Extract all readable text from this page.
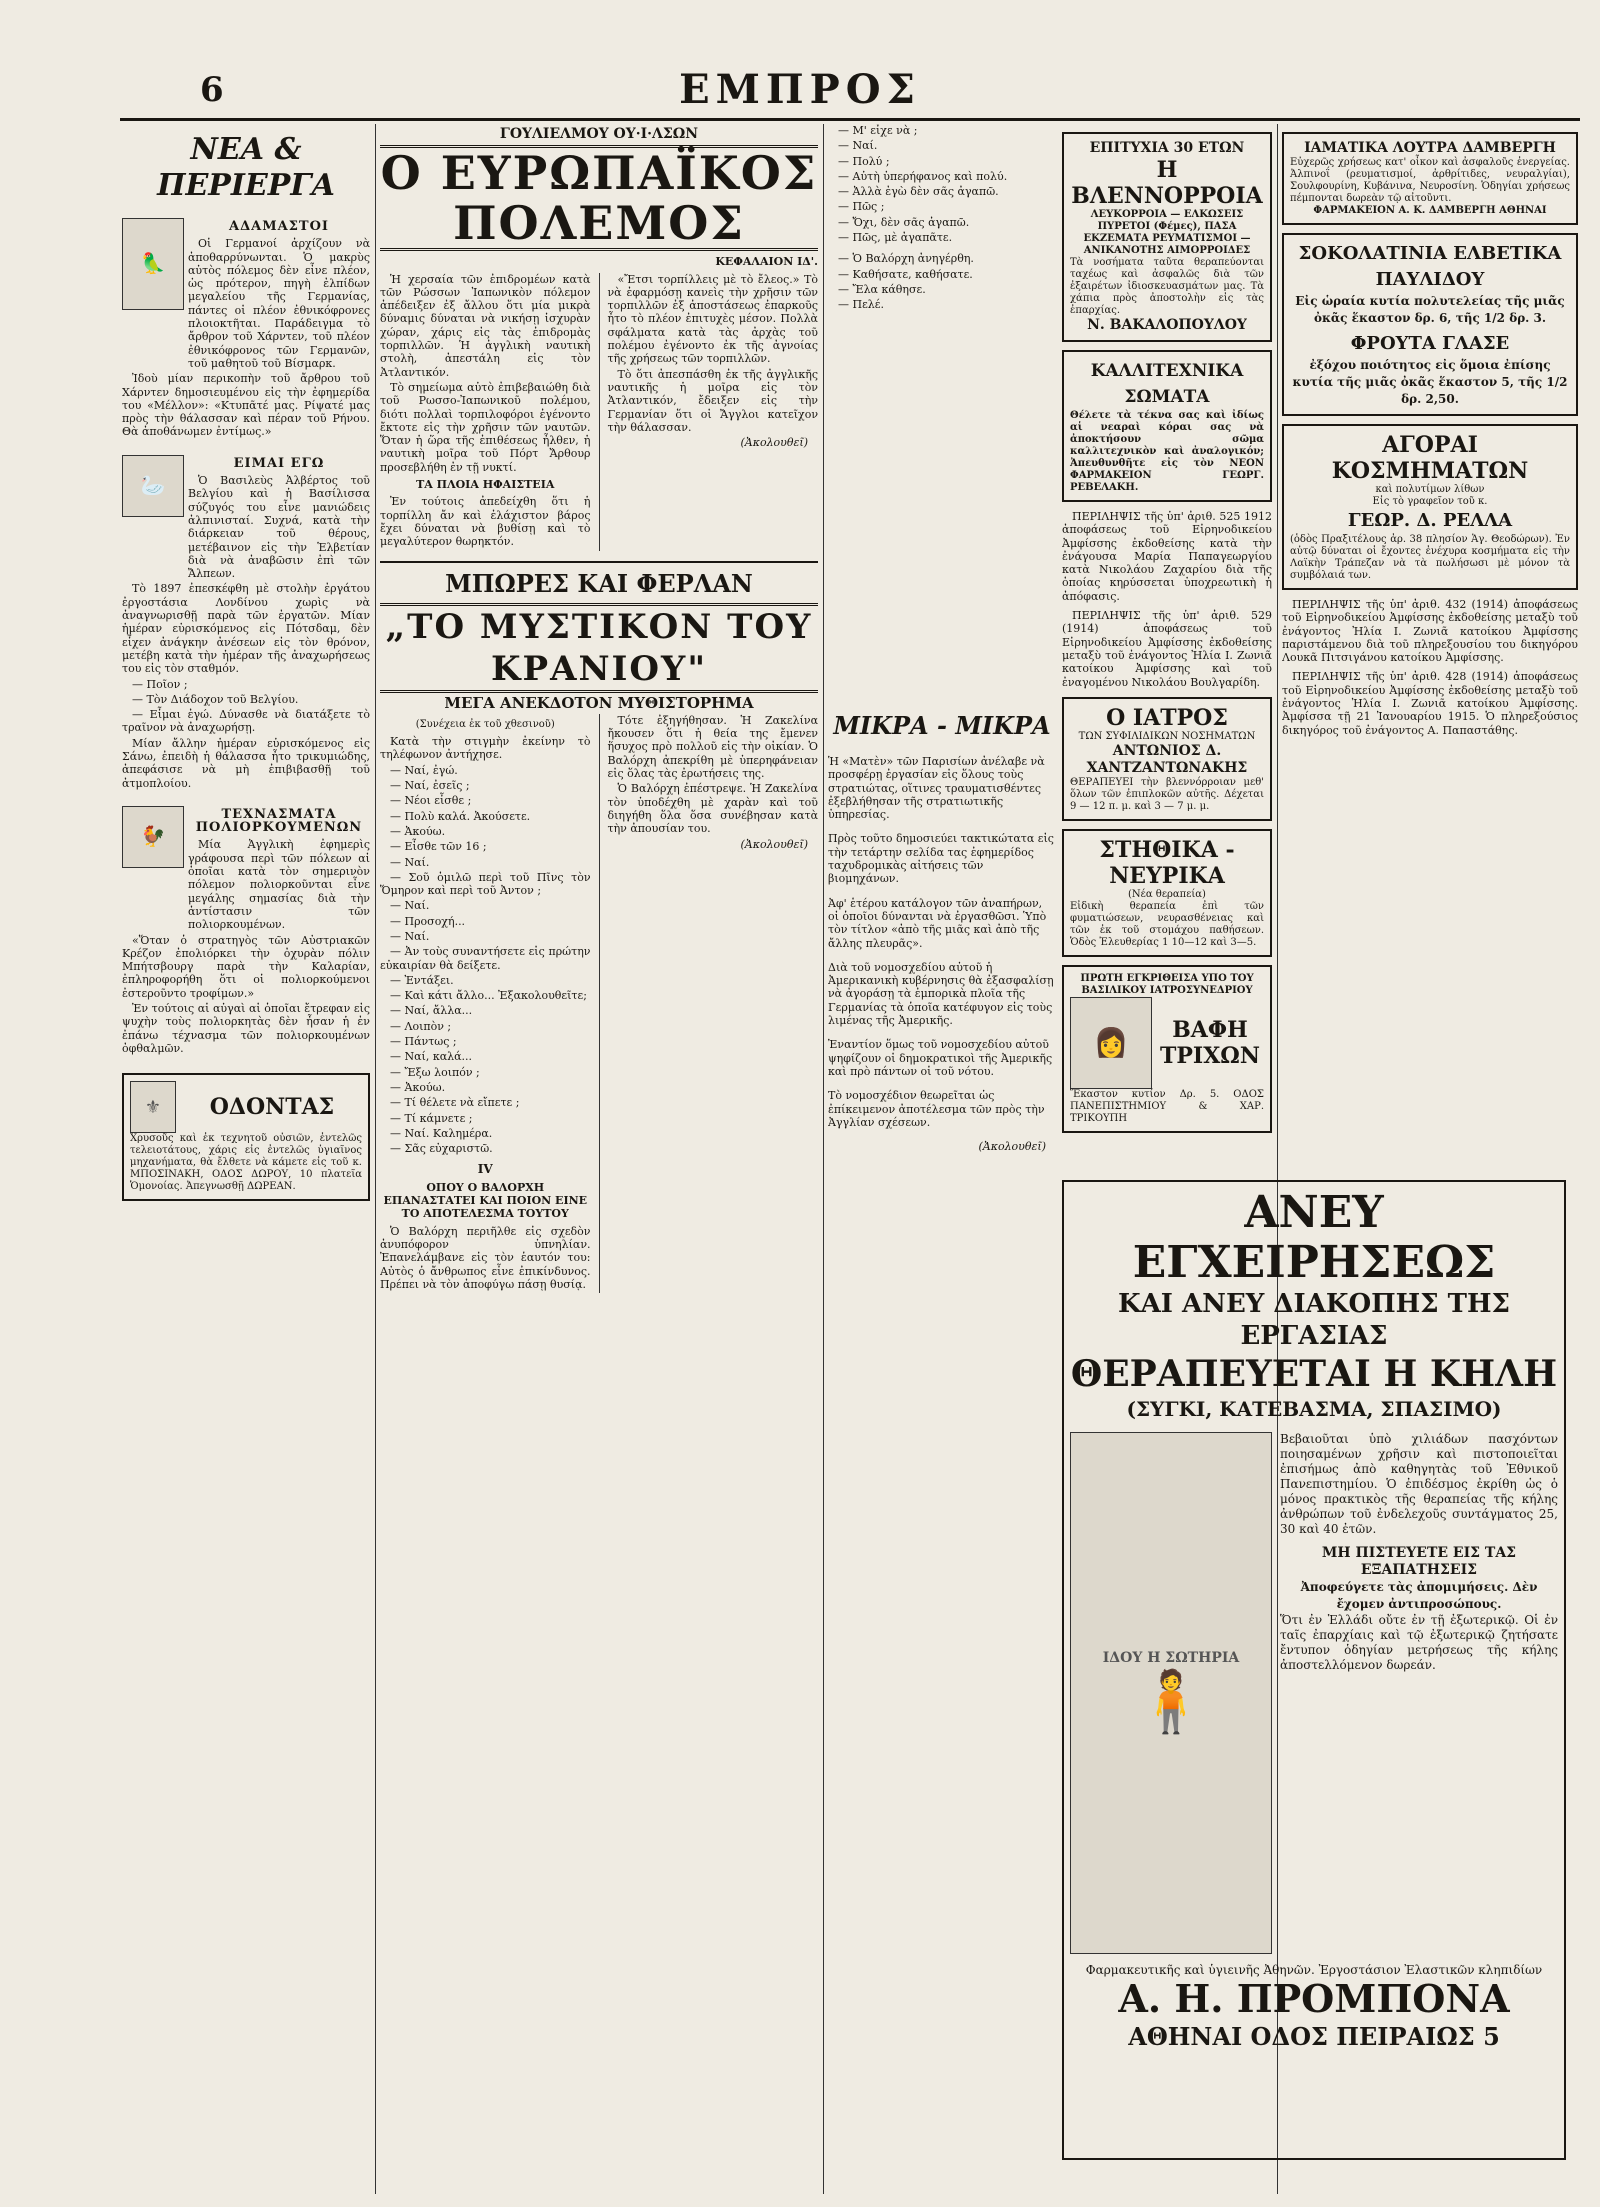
6	ΕΜΠΡΟΣ
ΝΕΑ & ΠΕΡΙΕΡΓΑ
🦜
ΑΔΑΜΑΣΤΟΙ

Οἱ Γερμανοί ἀρχίζουν νὰ ἀποθαρρύνωνται. Ὁ μακρὺς αὐτὸς πόλεμος δὲν εἶνε πλέον, ὡς πρότερον, πηγὴ ἐλπίδων μεγαλείου τῆς Γερμανίας, πάντες οἱ πλέον ἐθνικόφρονες πλοιοκτῆται. Παράδειγμα τὸ ἄρθρον τοῦ Χάρντεν, τοῦ πλέον ἐθνικόφρονος τῶν Γερμανῶν, τοῦ μαθητοῦ τοῦ Βίσμαρκ.

Ἰδοὺ μίαν περικοπὴν τοῦ ἄρθρου τοῦ Χάρντεν δημοσιευμένου εἰς τὴν ἐφημερίδα του «Μέλλον»: «Κτυπᾶτέ μας. Ρίψατέ μας πρὸς τὴν θάλασσαν καὶ πέραν τοῦ Ρήνου. Θὰ ἀποθάνωμεν ἐντίμως.»

🦢
ΕΙΜΑΙ ΕΓΩ

Ὁ Βασιλεὺς Ἀλβέρτος τοῦ Βελγίου καὶ ἡ Βασίλισσα σύζυγός του εἶνε μανιώδεις ἀλπινισταί. Συχνά, κατὰ τὴν διάρκειαν τοῦ θέρους, μετέβαινον εἰς τὴν Ἑλβετίαν διὰ νὰ ἀναβῶσιν ἐπὶ τῶν Ἄλπεων.

Τὸ 1897 ἐπεσκέφθη μὲ στολὴν ἐργάτου ἐργοστάσια Λονδίνου χωρὶς νὰ ἀναγνωρισθῇ παρὰ τῶν ἐργατῶν. Μίαν ἡμέραν εὑρισκόμενος εἰς Πότσδαμ, δὲν εἶχεν ἀνάγκην ἀνέσεων εἰς τὸν θρόνον, μετέβη κατὰ τὴν ἡμέραν τῆς ἀναχωρήσεως του εἰς τὸν σταθμόν.

— Ποῖον ;

— Τὸν Διάδοχον τοῦ Βελγίου.

— Εἶμαι ἐγώ. Δύνασθε νὰ διατάξετε τὸ τραῖνον νὰ ἀναχωρήσῃ.

Μίαν ἄλλην ἡμέραν εὑρισκόμενος εἰς Σάνω, ἐπειδὴ ἡ θάλασσα ἦτο τρικυμιώδης, ἀπεφάσισε νὰ μὴ ἐπιβιβασθῇ τοῦ ἀτμοπλοίου.

🐓
ΤΕΧΝΑΣΜΑΤΑ ΠΟΛΙΟΡΚΟΥΜΕΝΩΝ

Μία Ἀγγλικὴ ἐφημερὶς γράφουσα περὶ τῶν πόλεων αἱ ὁποῖαι κατὰ τὸν σημερινὸν πόλεμον πολιορκοῦνται εἶνε μεγάλης σημασίας διὰ τὴν ἀντίστασιν τῶν πολιορκουμένων.

«Ὅταν ὁ στρατηγὸς τῶν Αὐστριακῶν Κρέζον ἐπολιόρκει τὴν ὀχυρὰν πόλιν Μπήτσβουργ παρὰ τὴν Καλαρίαν, ἐπληροφορήθη ὅτι οἱ πολιορκούμενοι ἐστεροῦντο τροφίμων.»

Ἐν τούτοις αἱ αὐγαὶ αἱ ὁποῖαι ἔτρεφαν εἰς ψυχὴν τοὺς πολιορκητὰς δὲν ἦσαν ἡ ἐν ἐπάνω τέχνασμα τῶν πολιορκουμένων ὀφθαλμῶν.

⚜	ΟΔΟΝΤΑΣ
Χρυσοῦς καὶ ἐκ τεχνητοῦ οὐσιῶν, ἐντελῶς τελειοτάτους, χάρις εἰς ἐντελῶς ὑγιαῖνος μηχανήματα, θὰ ἔλθετε νὰ κάμετε εἰς τοῦ κ. ΜΠΟΣΙΝΑΚΗ, ΟΔΟΣ ΔΩΡΟΥ, 10 πλατεῖα Ὁμονοίας. Ἀπεγνωσθῇ ΔΩΡΕΑΝ.
ΓΟΥΛΙΕΛΜΟΥ ΟΥ·Ι·ΛΣΩΝ
Ο ΕΥΡΩΠΑΪΚΟΣ ΠΟΛΕΜΟΣ
ΚΕΦΑΛΑΙΟΝ ΙΔ'.

Ἡ χερσαία τῶν ἐπιδρομέων κατὰ τῶν Ρώσσων Ἰαπωνικὸν πόλεμον ἀπέδειξεν ἐξ ἄλλου ὅτι μία μικρὰ δύναμις δύναται νὰ νικήσῃ ἰσχυρὰν χώραν, χάρις εἰς τὰς ἐπιδρομὰς τορπιλλῶν. Ἡ ἀγγλικὴ ναυτικὴ στολὴ, ἀπεστάλη εἰς τὸν Ἀτλαντικόν.

Τὸ σημείωμα αὐτὸ ἐπιβεβαιώθη διὰ τοῦ Ρωσσο-Ἰαπωνικοῦ πολέμου, διότι πολλαὶ τορπιλοφόροι ἐγένοντο ἔκτοτε εἰς τὴν χρῆσιν τῶν ναυτῶν. Ὅταν ἡ ὥρα τῆς ἐπιθέσεως ἦλθεν, ἡ ναυτικὴ μοῖρα τοῦ Πόρτ Ἄρθουρ προσεβλήθη ἐν τῇ νυκτί.

ΤΑ ΠΛΟΙΑ ΗΦΑΙΣΤΕΙΑ

Ἐν τούτοις ἀπεδείχθη ὅτι ἡ τορπίλλη ἄν καὶ ἐλάχιστον βάρος ἔχει δύναται νὰ βυθίσῃ καὶ τὸ μεγαλύτερον θωρηκτόν.

«Ἔτσι τορπίλλεις μὲ τὸ ἔλεος.» Τὸ νὰ ἐφαρμόσῃ κανεὶς τὴν χρῆσιν τῶν τορπιλλῶν ἐξ ἀποστάσεως ἐπαρκοῦς ἦτο τὸ πλέον ἐπιτυχὲς μέσον. Πολλὰ σφάλματα κατὰ τὰς ἀρχὰς τοῦ πολέμου ἐγένοντο ἐκ τῆς ἀγνοίας τῆς χρήσεως τῶν τορπιλλῶν.

Τὸ ὅτι ἀπεσπάσθη ἐκ τῆς ἀγγλικῆς ναυτικῆς ἡ μοῖρα εἰς τὸν Ἀτλαντικόν, ἔδειξεν εἰς τὴν Γερμανίαν ὅτι οἱ Ἄγγλοι κατεῖχον τὴν θάλασσαν.

(Ἀκολουθεῖ)
ΜΠΩΡΕΣ ΚΑΙ ΦΕΡΛΑΝ
„ΤΟ ΜΥΣΤΙΚΟΝ ΤΟΥ ΚΡΑΝΙΟΥ"
ΜΕΓΑ ΑΝΕΚΔΟΤΟΝ ΜΥΘΙΣΤΟΡΗΜΑ
(Συνέχεια ἐκ τοῦ χθεσινοῦ)

Κατὰ τὴν στιγμὴν ἐκείνην τὸ τηλέφωνον ἀντήχησε.

— Ναί, ἐγώ.

— Ναί, ἐσεῖς ;

— Νέοι εἶσθε ;

— Πολὺ καλά. Ἀκούσετε.

— Ἀκούω.

— Εἶσθε τῶν 16 ;

— Ναί.

— Σοῦ ὁμιλῶ περὶ τοῦ Πῖνς τὸν Ὅμηρον καὶ περὶ τοῦ Ἀντον ;

— Ναί.

— Προσοχή...

— Ναί.

— Ἀν τοὺς συναντήσετε εἰς πρώτην εὐκαιρίαν θὰ δείξετε.

— Ἐντάξει.

— Καὶ κάτι ἄλλο... Ἐξακολουθεῖτε;

— Ναί, ἄλλα...

— Λοιπὸν ;

— Πάντως ;

— Ναί, καλά...

— Ἔξω λοιπόν ;

— Ἀκούω.

— Τί θέλετε νὰ εἴπετε ;

— Τί κάμνετε ;

— Ναί. Καλημέρα.

— Σᾶς εὐχαριστῶ.

IV
ΟΠΟΥ Ο ΒΑΛΟΡΧΗ ΕΠΑΝΑΣΤΑΤΕΙ ΚΑΙ ΠΟΙΟΝ ΕΙΝΕ ΤΟ ΑΠΟΤΕΛΕΣΜΑ ΤΟΥΤΟΥ

Ὁ Βαλόρχη περιῆλθε εἰς σχεδὸν ἀνυπόφορον ὑπνηλίαν. Ἐπανελάμβανε εἰς τὸν ἑαυτόν του: Αὐτὸς ὁ ἄνθρωπος εἶνε ἐπικίνδυνος. Πρέπει νὰ τὸν ἀποφύγω πάσῃ θυσίᾳ.

Τότε ἐξηγήθησαν. Ἡ Ζακελίνα ἤκουσεν ὅτι ἡ θεία της ἔμενεν ἥσυχος πρὸ πολλοῦ εἰς τὴν οἰκίαν. Ὁ Βαλόρχη ἀπεκρίθη μὲ ὑπερηφάνειαν εἰς ὅλας τὰς ἐρωτήσεις της.

Ὁ Βαλόρχη ἐπέστρεψε. Ἡ Ζακελίνα τὸν ὑποδέχθη μὲ χαρὰν καὶ τοῦ διηγήθη ὅλα ὅσα συνέβησαν κατὰ τὴν ἀπουσίαν του.

(Ἀκολουθεῖ)

— Μ' εἶχε νὰ ;

— Ναί.

— Πολύ ;

— Αὐτὴ ὑπερήφανος καὶ πολύ.

— Ἀλλὰ ἐγὼ δὲν σᾶς ἀγαπῶ.

— Πῶς ;

— Ὄχι, δὲν σᾶς ἀγαπῶ.

— Πῶς, μὲ ἀγαπᾶτε.

— Ὁ Βαλόρχη ἀνηγέρθη.

— Καθήσατε, καθήσατε.

— Ἔλα κάθησε.

— Πελέ.

ΕΠΙΤΥΧΙΑ 30 ΕΤΩΝ
Η ΒΛΕΝΝΟΡΡΟΙΑ
ΛΕΥΚΟΡΡΟΙΑ — ΕΛΚΩΣΕΙΣ ΠΥΡΕΤΟΙ (Φέμες), ΠΑΣΑ ΕΚΖΕΜΑΤΑ ΡΕΥΜΑΤΙΣΜΟΙ — ΑΝΙΚΑΝΟΤΗΣ ΑΙΜΟΡΡΟΙΔΕΣ
Τὰ νοσήματα ταῦτα θεραπεύονται ταχέως καὶ ἀσφαλῶς διὰ τῶν ἐξαιρέτων ἰδιοσκευασμάτων μας. Τὰ χάπια πρὸς ἀποστολὴν εἰς τὰς ἐπαρχίας.
Ν. ΒΑΚΑΛΟΠΟΥΛΟΥ
ΚΑΛΛΙΤΕΧΝΙΚΑ ΣΩΜΑΤΑ
Θέλετε τὰ τέκνα σας καὶ ἰδίως αἱ νεαραὶ κόραι σας νὰ ἀποκτήσουν σῶμα καλλιτεχνικὸν καὶ ἀναλογικόν; Ἀπευθυνθῆτε εἰς τὸν ΝΕΟΝ ΦΑΡΜΑΚΕΙΟΝ ΓΕΩΡΓ. ΡΕΒΕΛΑΚΗ.

ΠΕΡΙΛΗΨΙΣ τῆς ὑπ' ἀριθ. 525 1912 ἀποφάσεως τοῦ Εἰρηνοδικείου Ἀμφίσσης ἐκδοθείσης κατὰ τὴν ἐνάγουσα Μαρία Παπαγεωργίου κατὰ Νικολάου Ζαχαρίου διὰ τῆς ὁποίας κηρύσσεται ὑποχρεωτικὴ ἡ ἀπόφασις.

ΠΕΡΙΛΗΨΙΣ τῆς ὑπ' ἀριθ. 529 (1914) ἀποφάσεως τοῦ Εἰρηνοδικείου Ἀμφίσσης ἐκδοθείσης μεταξὺ τοῦ ἐνάγοντος Ἠλία Ι. Ζωνιᾶ κατοίκου Ἀμφίσσης καὶ τοῦ ἐναγομένου Νικολάου Βουλγαρίδη.

Ο ΙΑΤΡΟΣ
ΤΩΝ ΣΥΦΙΛΙΔΙΚΩΝ ΝΟΣΗΜΑΤΩΝ
ΑΝΤΩΝΙΟΣ Δ. ΧΑΝΤΖΑΝΤΩΝΑΚΗΣ
ΘΕΡΑΠΕΥΕΙ τὴν βλεννόρροιαν μεθ' ὅλων τῶν ἐπιπλοκῶν αὐτῆς. Δέχεται 9 — 12 π. μ. καὶ 3 — 7 μ. μ.
ΣΤΗΘΙΚΑ - ΝΕΥΡΙΚΑ
(Νέα θεραπεία)
Εἰδικὴ θεραπεία ἐπὶ τῶν φυματιώσεων, νευρασθένειας καὶ τῶν ἐκ τοῦ στομάχου παθήσεων. Ὁδὸς Ἐλευθερίας 1 10—12 καὶ 3—5.
ΠΡΩΤΗ ΕΓΚΡΙΘΕΙΣΑ ΥΠΟ ΤΟΥ ΒΑΣΙΛΙΚΟΥ ΙΑΤΡΟΣΥΝΕΔΡΙΟΥ
👩	ΒΑΦΗ ΤΡΙΧΩΝ
Ἕκαστον κυτίον Δρ. 5. ΟΔΟΣ ΠΑΝΕΠΙΣΤΗΜΙΟΥ & ΧΑΡ. ΤΡΙΚΟΥΠΗ
ΙΑΜΑΤΙΚΑ ΛΟΥΤΡΑ ΔΑΜΒΕΡΓΗ
Εὐχερῶς χρήσεως κατ' οἶκον καὶ ἀσφαλοῦς ἐνεργείας. Ἀλπινοΐ (ρευματισμοί, ἀρθρίτιδες, νευραλγίαι), Σουλφουρίνη, Κυβάνινα, Νευροσίνη. Ὁδηγίαι χρήσεως πέμπονται δωρεὰν τῷ αἰτοῦντι.
ΦΑΡΜΑΚΕΙΟΝ Α. Κ. ΔΑΜΒΕΡΓΗ ΑΘΗΝΑΙ
ΣΟΚΟΛΑΤΙΝΙΑ ΕΛΒΕΤΙΚΑ ΠΑΥΛΙΔΟΥ
Εἰς ὡραία κυτία πολυτελείας τῆς μιᾶς ὀκᾶς ἕκαστον δρ. 6, τῆς 1/2 δρ. 3.
ΦΡΟΥΤΑ ΓΛΑΣΕ
ἐξόχου ποιότητος εἰς ὅμοια ἐπίσης κυτία τῆς μιᾶς ὀκᾶς ἕκαστον 5, τῆς 1/2 δρ. 2,50.
ΑΓΟΡΑΙ ΚΟΣΜΗΜΑΤΩΝ
καὶ πολυτίμων λίθων
Εἰς τὸ γραφεῖον τοῦ κ.
ΓΕΩΡ. Δ. ΡΕΛΛΑ
(ὁδὸς Πραξιτέλους ἀρ. 38 πλησίον Ἁγ. Θεοδώρων). Ἐν αὐτῷ δύναται οἱ ἔχοντες ἐνέχυρα κοσμήματα εἰς τὴν Λαϊκὴν Τράπεζαν νὰ τὰ πωλήσωσι μὲ μόνον τὰ συμβόλαιά των.

ΠΕΡΙΛΗΨΙΣ τῆς ὑπ' ἀριθ. 432 (1914) ἀποφάσεως τοῦ Εἰρηνοδικείου Ἀμφίσσης ἐκδοθείσης μεταξὺ τοῦ ἐνάγοντος Ἠλία Ι. Ζωνιᾶ κατοίκου Ἀμφίσσης παριστάμενου διὰ τοῦ πληρεξουσίου του δικηγόρου Λουκᾶ Πιτσιγάνου κατοίκου Ἀμφίσσης.

ΠΕΡΙΛΗΨΙΣ τῆς ὑπ' ἀριθ. 428 (1914) ἀποφάσεως τοῦ Εἰρηνοδικείου Ἀμφίσσης ἐκδοθείσης μεταξὺ τοῦ ἐνάγοντος Ἠλία Ι. Ζωνιᾶ κατοίκου Ἀμφίσσης. Ἀμφίσσα τῇ 21 Ἰανουαρίου 1915. Ὁ πληρεξούσιος δικηγόρος τοῦ ἐνάγοντος Α. Παπαστάθης.

ΑΝΕΥ ΕΓΧΕΙΡΗΣΕΩΣ
ΚΑΙ ΑΝΕΥ ΔΙΑΚΟΠΗΣ ΤΗΣ ΕΡΓΑΣΙΑΣ
ΘΕΡΑΠΕΥΕΤΑΙ Η ΚΗΛΗ
(ΣΥΓΚΙ, ΚΑΤΕΒΑΣΜΑ, ΣΠΑΣΙΜΟ)
ΙΔΟΥ Η ΣΩΤΗΡΙΑ
🧍
Βεβαιοῦται ὑπὸ χιλιάδων πασχόντων ποιησαμένων χρῆσιν καὶ πιστοποιεῖται ἐπισήμως ἀπὸ καθηγητὰς τοῦ Ἐθνικοῦ Πανεπιστημίου. Ὁ ἐπιδέσμος ἐκρίθη ὡς ὁ μόνος πρακτικὸς τῆς θεραπείας τῆς κήλης ἀνθρώπων τοῦ ἐνδελεχοῦς συντάγματος 25, 30 καὶ 40 ἐτῶν.
ΜΗ ΠΙΣΤΕΥΕΤΕ ΕΙΣ ΤΑΣ ΕΞΑΠΑΤΗΣΕΙΣ
Ἀποφεύγετε τὰς ἀπομιμήσεις. Δὲν ἔχομεν ἀντιπροσώπους.
Ὅτι ἐν Ἑλλάδι οὔτε ἐν τῇ ἐξωτερικῷ. Οἱ ἐν ταῖς ἐπαρχίαις καὶ τῷ ἐξωτερικῷ ζητήσατε ἔντυπον ὁδηγίαν μετρήσεως τῆς κήλης ἀποστελλόμενον δωρεάν.
Φαρμακευτικῆς καὶ ὑγιεινῆς Ἀθηνῶν. Ἐργοστάσιον Ἐλαστικῶν κληπιδίων
Α. Η. ΠΡΟΜΠΟΝΑ
ΑΘΗΝΑΙ ΟΔΟΣ ΠΕΙΡΑΙΩΣ 5
ΜΙΚΡΑ - ΜΙΚΡΑ

Ἡ «Ματὲν» τῶν Παρισίων ἀνέλαβε νὰ προσφέρῃ ἐργασίαν εἰς ὅλους τοὺς στρατιώτας, οἵτινες τραυματισθέντες ἐξεβλήθησαν τῆς στρατιωτικῆς ὑπηρεσίας.

Πρὸς τοῦτο δημοσιεύει τακτικώτατα εἰς τὴν τετάρτην σελίδα τας ἐφημερίδος ταχυδρομικὰς αἰτήσεις τῶν βιομηχάνων.

Ἀφ' ἑτέρου κατάλογον τῶν ἀναπήρων, οἱ ὁποῖοι δύνανται νὰ ἐργασθῶσι. Ὑπὸ τὸν τίτλον «ἀπὸ τῆς μιᾶς καὶ ἀπὸ τῆς ἄλλης πλευρᾶς».

Διὰ τοῦ νομοσχεδίου αὐτοῦ ἡ Ἀμερικανικὴ κυβέρνησις θὰ ἐξασφαλίσῃ νὰ ἀγοράσῃ τὰ ἐμπορικὰ πλοῖα τῆς Γερμανίας τὰ ὁποῖα κατέφυγον εἰς τοὺς λιμένας τῆς Ἀμερικῆς.

Ἐναντίον ὅμως τοῦ νομοσχεδίου αὐτοῦ ψηφίζουν οἱ δημοκρατικοὶ τῆς Ἀμερικῆς καὶ πρὸ πάντων οἱ τοῦ νότου.

Τὸ νομοσχέδιον θεωρεῖται ὡς ἐπίκειμενον ἀποτέλεσμα τῶν πρὸς τὴν Ἀγγλίαν σχέσεων.

(Ἀκολουθεῖ)
